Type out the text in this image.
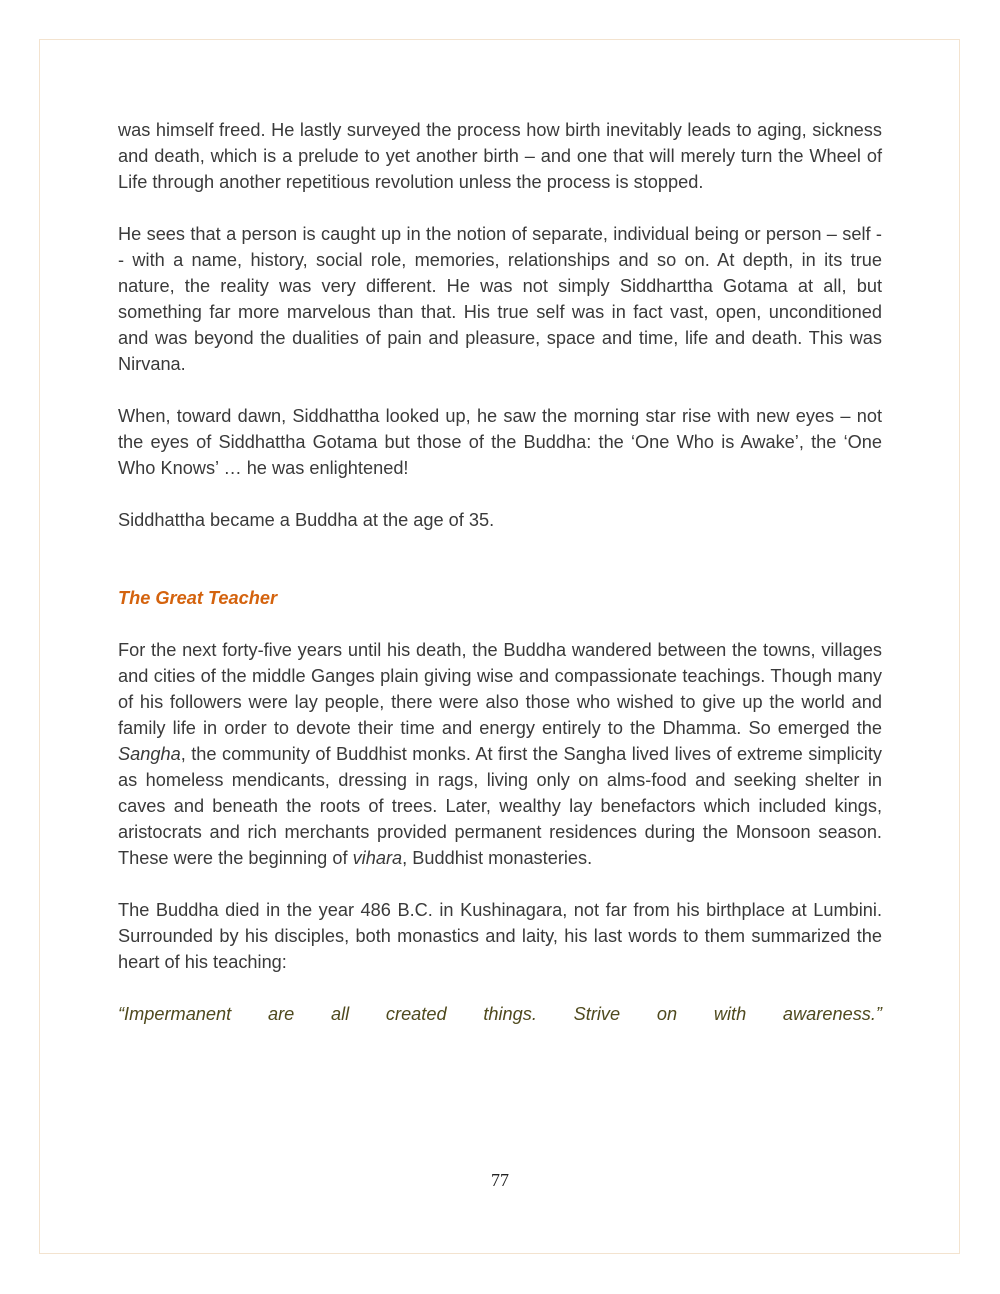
was himself freed. He lastly surveyed the process how birth inevitably leads to aging, sickness and death, which is a prelude to yet another birth – and one that will merely turn the Wheel of Life through another repetitious revolution unless the process is stopped.

He sees that a person is caught up in the notion of separate, individual being or person – self -- with a name, history, social role, memories, relationships and so on. At depth, in its true nature, the reality was very different. He was not simply Siddharttha Gotama at all, but something far more marvelous than that. His true self was in fact vast, open, unconditioned and was beyond the dualities of pain and pleasure, space and time, life and death. This was Nirvana.

When, toward dawn, Siddhattha looked up, he saw the morning star rise with new eyes – not the eyes of Siddhattha Gotama but those of the Buddha: the ‘One Who is Awake’, the ‘One Who Knows’ … he was enlightened!

Siddhattha became a Buddha at the age of 35.

The Great Teacher

For the next forty-five years until his death, the Buddha wandered between the towns, villages and cities of the middle Ganges plain giving wise and compassionate teachings. Though many of his followers were lay people, there were also those who wished to give up the world and family life in order to devote their time and energy entirely to the Dhamma. So emerged the Sangha, the community of Buddhist monks. At first the Sangha lived lives of extreme simplicity as homeless mendicants, dressing in rags, living only on alms-food and seeking shelter in caves and beneath the roots of trees. Later, wealthy lay benefactors which included kings, aristocrats and rich merchants provided permanent residences during the Monsoon season. These were the beginning of vihara, Buddhist monasteries.

The Buddha died in the year 486 B.C. in Kushinagara, not far from his birthplace at Lumbini. Surrounded by his disciples, both monastics and laity, his last words to them summarized the heart of his teaching:

“Impermanent are all created things. Strive on with awareness.”

77
